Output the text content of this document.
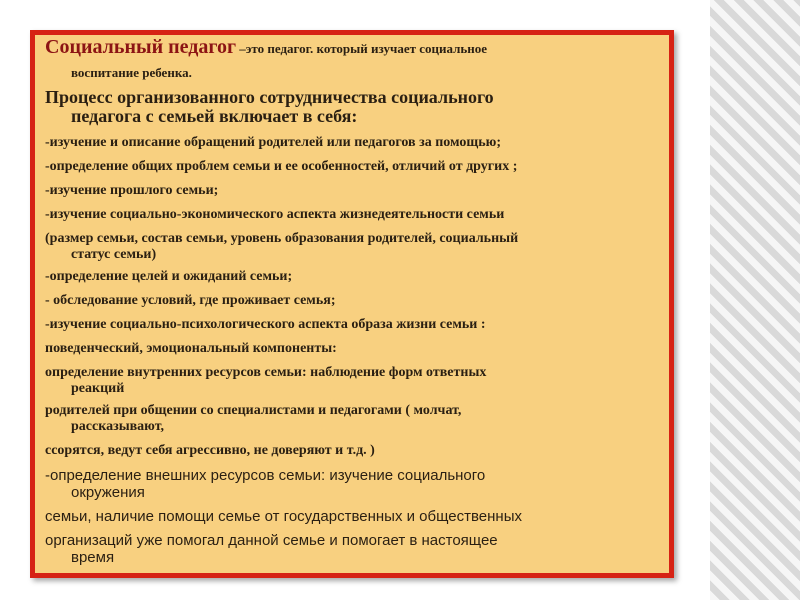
Социальный педагог –это педагог. который изучает социальное
воспитание ребенка.
Процесс организованного сотрудничества социального
педагога с семьей включает в себя:
-изучение и описание обращений родителей или педагогов за помощью;
-определение общих проблем семьи и ее особенностей, отличий от других ;
-изучение прошлого семьи;
-изучение социально-экономического аспекта жизнедеятельности семьи
(размер семьи, состав семьи, уровень образования родителей, социальный
статус семьи)
-определение целей и ожиданий семьи;
- обследование условий, где проживает семья;
-изучение социально-психологического аспекта образа жизни семьи :
поведенческий, эмоциональный компоненты:
определение внутренних ресурсов семьи: наблюдение форм ответных
реакций
родителей при общении со специалистами и педагогами ( молчат,
рассказывают,
ссорятся, ведут себя агрессивно, не доверяют и т.д. )
-определение внешних ресурсов семьи: изучение социального
окружения
семьи, наличие помощи семье от государственных и общественных
организаций уже помогал данной семье и помогает в настоящее
время
